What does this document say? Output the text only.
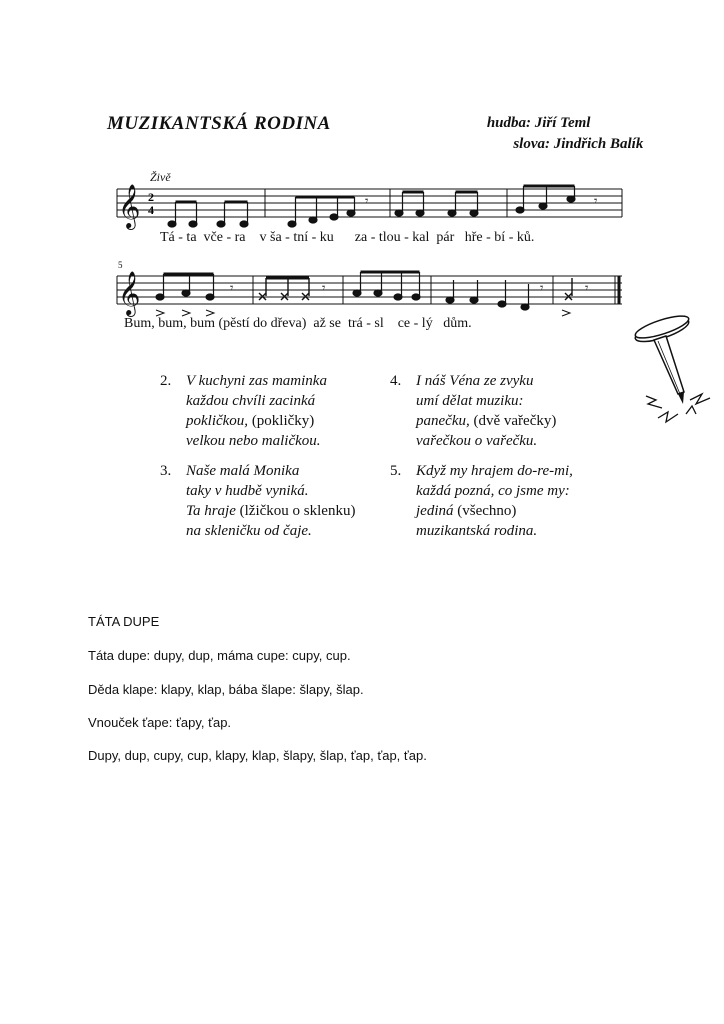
MUZIKANTSKÁ RODINA	hudba: Jiří Teml
slova: Jindřich Balík
Živě
𝄞 2
4
𝄾
𝄾
𝄞
5
𝄾	𝄾	𝄾	𝄾
Tá - ta  vče - ra    v ša - tní - ku      za - tlou - kal  pár   hře - bí - ků.
Bum, bum, bum (pěstí do dřeva)  až se  trá - sl    ce - lý   dům.
2. V kuchyni zas maminka
každou chvíli zacinká
pokličkou, (pokličky)
velkou nebo maličkou.
3. Naše malá Monika
taky v hudbě vyniká.
Ta hraje (lžičkou o sklenku)
na skleničku od čaje.
4. I náš Véna ze zvyku
umí dělat muziku:
panečku, (dvě vařečky)
vařečkou o vařečku.
5. Když my hrajem do-re-mi,
každá pozná, co jsme my:
jediná (všechno)
muzikantská rodina.
TÁTA DUPE
Táta dupe: dupy, dup, máma cupe: cupy, cup.
Děda klape: klapy, klap, bába šlape: šlapy, šlap.
Vnouček ťape: ťapy, ťap.
Dupy, dup, cupy, cup, klapy, klap, šlapy, šlap, ťap, ťap, ťap.
